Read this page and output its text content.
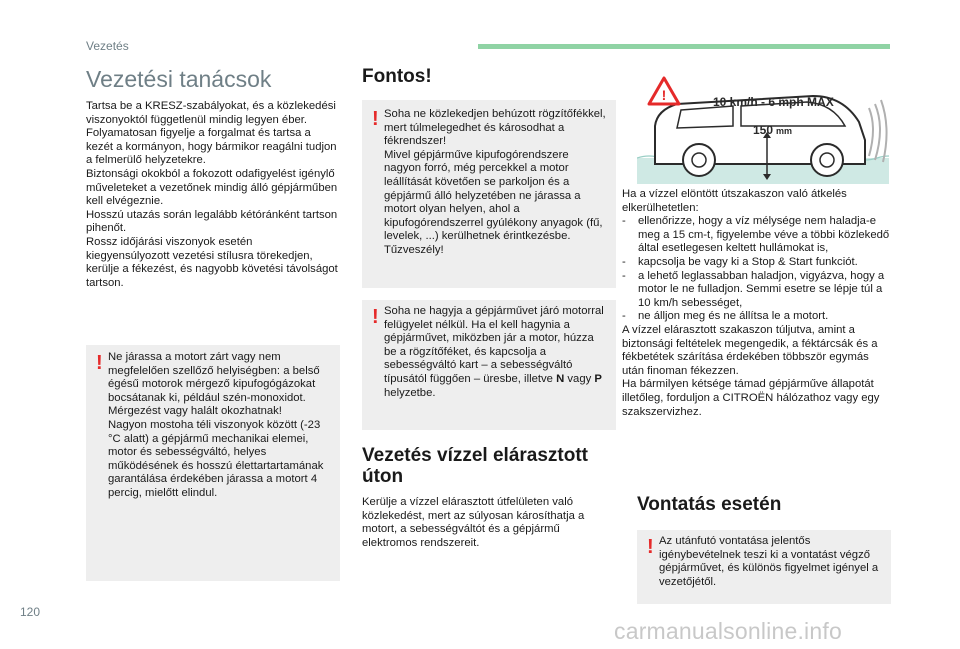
Vezetés
Vezetési tanácsok
Tartsa be a KRESZ-szabályokat, és a közlekedési viszonyoktól függetlenül mindig legyen éber.
Folyamatosan figyelje a forgalmat és tartsa a kezét a kormányon, hogy bármikor reagálni tudjon a felmerülő helyzetekre.
Biztonsági okokból a fokozott odafigyelést igénylő műveleteket a vezetőnek mindig álló gépjárműben kell elvégeznie.
Hosszú utazás során legalább kétóránként tartson pihenőt.
Rossz időjárási viszonyok esetén kiegyensúlyozott vezetési stílusra törekedjen, kerülje a fékezést, és nagyobb követési távolságot tartson.
! Ne járassa a motort zárt vagy nem megfelelően szellőző helyiségben: a belső égésű motorok mérgező kipufogógázokat bocsátanak ki, például szén-monoxidot. Mérgezést vagy halált okozhatnak!
Nagyon mostoha téli viszonyok között (-23 °C alatt) a gépjármű mechanikai elemei, motor és sebességváltó, helyes működésének és hosszú élettartartamának garantálása érdekében járassa a motort 4 percig, mielőtt elindul.
Fontos!
! Soha ne közlekedjen behúzott rögzítőfékkel, mert túlmelegedhet és károsodhat a fékrendszer!
Mivel gépjárműve kipufogórendszere nagyon forró, még percekkel a motor leállítását követően se parkoljon és a gépjármű álló helyzetében ne járassa a motort olyan helyen, ahol a kipufogórendszerrel gyúlékony anyagok (fű, levelek, ...) kerülhetnek érintkezésbe. Tűzveszély!
! Soha ne hagyja a gépjárművet járó motorral felügyelet nélkül. Ha el kell hagynia a gépjárművet, miközben jár a motor, húzza be a rögzítőféket, és kapcsolja a sebességváltó kart – a sebességváltó típusától függően – üresbe, illetve N vagy P helyzetbe.
Vezetés vízzel elárasztott úton
Kerülje a vízzel elárasztott útfelületen való közlekedést, mert az súlyosan károsíthatja a motort, a sebességváltót és a gépjármű elektromos rendszereit.
!	10 km/h - 6 mph MAX
150 mm
Ha a vízzel elöntött útszakaszon való átkelés elkerülhetetlen:
-	ellenőrizze, hogy a víz mélysége nem haladja-e meg a 15 cm-t, figyelembe véve a többi közlekedő által esetlegesen keltett hullámokat is,
-	kapcsolja be vagy ki a Stop & Start funkciót.
-	a lehető leglassabban haladjon, vigyázva, hogy a motor le ne fulladjon. Semmi esetre se lépje túl a 10 km/h sebességet,
-	ne álljon meg és ne állítsa le a motort.
A vízzel elárasztott szakaszon túljutva, amint a biztonsági feltételek megengedik, a féktárcsák és a fékbetétek szárítása érdekében többször egymás után finoman fékezzen.
Ha bármilyen kétsége támad gépjárműve állapotát illetőleg, forduljon a CITROËN hálózathoz vagy egy szakszervizhez.
Vontatás esetén
! Az utánfutó vontatása jelentős igénybevételnek teszi ki a vontatást végző gépjárművet, és különös figyelmet igényel a vezetőjétől.
120
carmanualsonline.info
